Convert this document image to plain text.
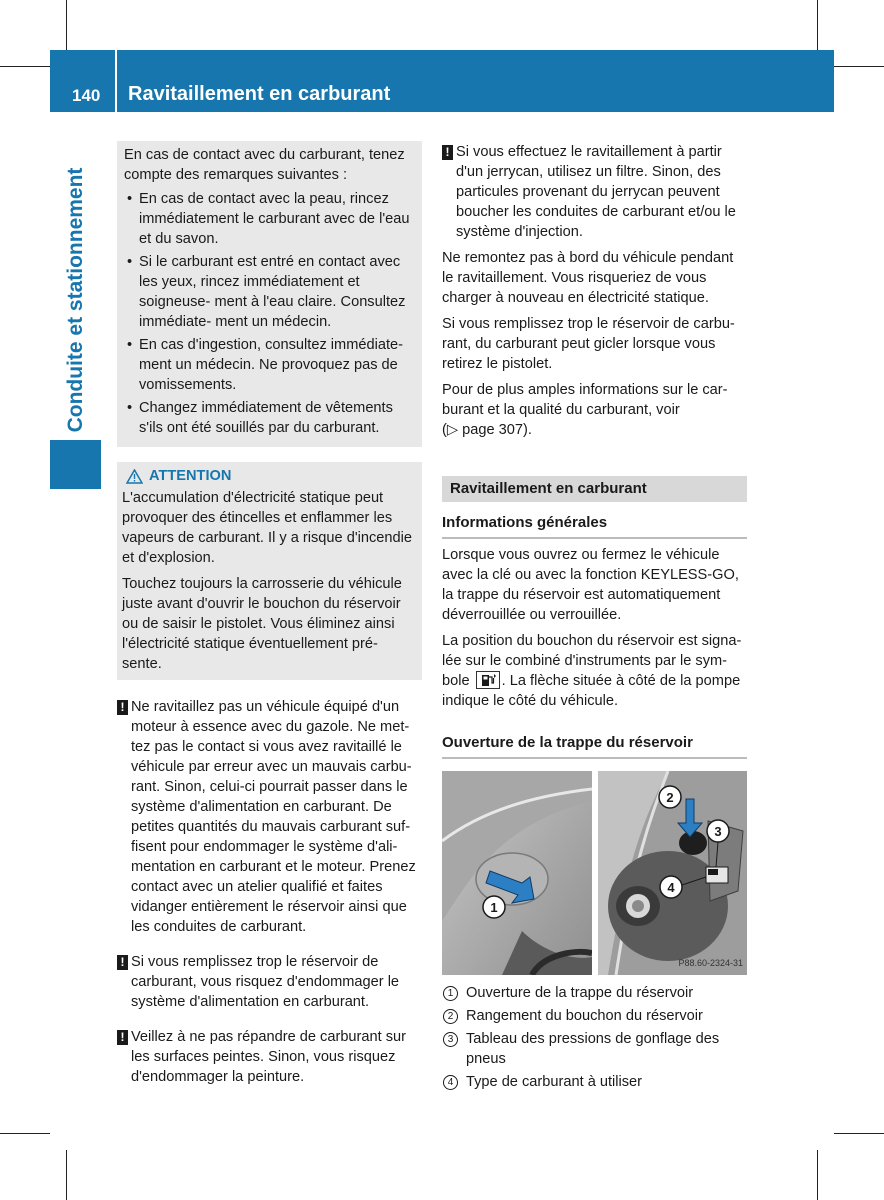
140 Ravitaillement en carburant
Conduite et stationnement

En cas de contact avec du carburant, tenez compte des remarques suivantes :

• En cas de contact avec la peau, rincez immédiatement le carburant avec de l'eau et du savon.
• Si le carburant est entré en contact avec les yeux, rincez immédiatement et soigneuse- ment à l'eau claire. Consultez immédiate- ment un médecin.
• En cas d'ingestion, consultez immédiate- ment un médecin. Ne provoquez pas de vomissements.
• Changez immédiatement de vêtements s'ils ont été souillés par du carburant.
ATTENTION

L'accumulation d'électricité statique peut provoquer des étincelles et enflammer les vapeurs de carburant. Il y a risque d'incendie et d'explosion.

Touchez toujours la carrosserie du véhicule juste avant d'ouvrir le bouchon du réservoir ou de saisir le pistolet. Vous éliminez ainsi l'électricité statique éventuellement pré- sente.

! Ne ravitaillez pas un véhicule équipé d'un moteur à essence avec du gazole. Ne met- tez pas le contact si vous avez ravitaillé le véhicule par erreur avec un mauvais carbu- rant. Sinon, celui-ci pourrait passer dans le système d'alimentation en carburant. De petites quantités du mauvais carburant suf- fisent pour endommager le système d'ali- mentation en carburant et le moteur. Prenez contact avec un atelier qualifié et faites vidanger entièrement le réservoir ainsi que les conduites de carburant.

! Si vous remplissez trop le réservoir de carburant, vous risquez d'endommager le système d'alimentation en carburant.

! Veillez à ne pas répandre de carburant sur les surfaces peintes. Sinon, vous risquez d'endommager la peinture.

! Si vous effectuez le ravitaillement à partir d'un jerrycan, utilisez un filtre. Sinon, des particules provenant du jerrycan peuvent boucher les conduites de carburant et/ou le système d'injection.

Ne remontez pas à bord du véhicule pendant le ravitaillement. Vous risqueriez de vous charger à nouveau en électricité statique.

Si vous remplissez trop le réservoir de carbu- rant, du carburant peut gicler lorsque vous retirez le pistolet.

Pour de plus amples informations sur le car- burant et la qualité du carburant, voir
(▷ page 307).

Ravitaillement en carburant
Informations générales

Lorsque vous ouvrez ou fermez le véhicule avec la clé ou avec la fonction KEYLESS-GO, la trappe du réservoir est automatiquement déverrouillée ou verrouillée.

La position du bouchon du réservoir est signa- lée sur le combiné d'instruments par le sym- bole . La flèche située à côté de la pompe indique le côté du véhicule.

Ouverture de la trappe du réservoir
1
2
3
4
P88.60-2324-31
1 Ouverture de la trappe du réservoir
2 Rangement du bouchon du réservoir
3 Tableau des pressions de gonflage des pneus
4 Type de carburant à utiliser
